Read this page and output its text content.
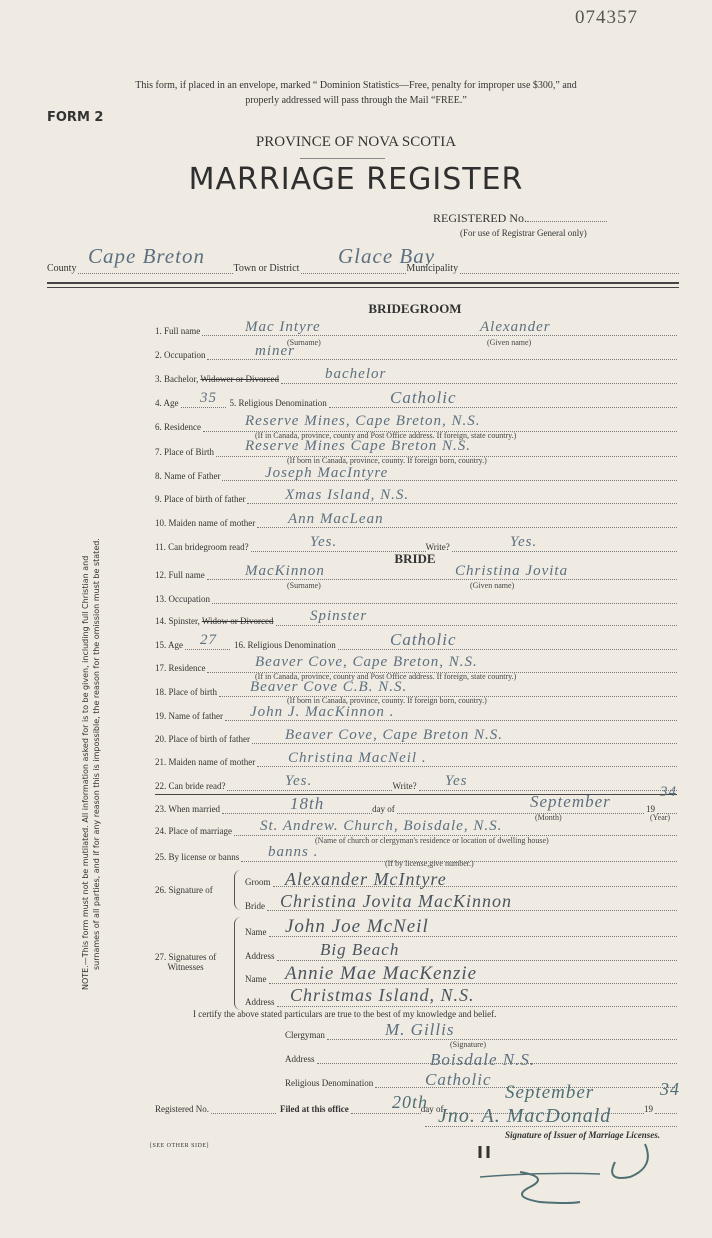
074357
This form, if placed in an envelope, marked “ Dominion Statistics—Free, penalty for improper use $300,” and
properly addressed will pass through the Mail “FREE.”
FORM 2
PROVINCE OF NOVA SCOTIA
MARRIAGE REGISTER
REGISTERED No.
(For use of Registrar General only)
County	Town or District	Municipality
Cape Breton	Glace Bay
NOTE.—This form must not be mutilated. All information asked for is to be given, including full Christian and surnames of all parties, and if for any reason this is impossible, the reason for the omission must be stated.
BRIDEGROOM
1. Full name	Mac Intyre	Alexander
(Surname)	(Given name)
2. Occupation	miner
3. Bachelor, Widower or Divorced	bachelor
4. Age	5. Religious Denomination
35	Catholic
6. Residence	Reserve Mines, Cape Breton, N.S.
(If in Canada, province, county and Post Office address. If foreign, state country.)
7. Place of Birth Reserve Mines Cape Breton N.S.
(If born in Canada, province, county. If foreign born, country.)
8. Name of Father	Joseph MacIntyre
9. Place of birth of father	Xmas Island, N.S.
10. Maiden name of mother Ann MacLean
11. Can bridegroom read?	Write?
Yes.	Yes.
BRIDE
12. Full name	MacKinnon	Christina Jovita
(Surname)	(Given name)
13. Occupation
14. Spinster, Widow or Divorced Spinster
15. Age	16. Religious Denomination
27	Catholic
17. Residence	Beaver Cove, Cape Breton, N.S.
(If in Canada, province, county and Post Office address. If foreign, state country.)
18. Place of birth Beaver Cove C.B. N.S.
(If born in Canada, province, county. If foreign born, country.)
19. Name of father John J. MacKinnon .
20. Place of birth of father Beaver Cove, Cape Breton N.S.
21. Maiden name of mother Christina MacNeil .
22. Can bride read?	Write?
Yes.	Yes
23. When married	day of	19
18th	September	34
(Month)	(Year)
24. Place of marriage St. Andrew. Church, Boisdale, N.S.
(Name of church or clergyman's residence or location of dwelling house)
25. By license or banns banns .
(If by license,give number.)
26. Signature of
Groom Alexander McIntyre
Bride Christina Jovita MacKinnon
27. Signatures of
Witnesses
Name John Joe McNeil
Address	Big Beach
Name Annie Mae MacKenzie
Address Christmas Island, N.S.
I certify the above stated particulars are true to the best of my knowledge and belief.
Clergyman	M. Gillis
(Signature)
Address	Boisdale N.S.
Religious Denomination	Catholic
Registered No.	Filed at this office	day of	19
20th	September	34
Jno. A. MacDonald
Signature of Issuer of Marriage Licenses.
[SEE OTHER SIDE]
